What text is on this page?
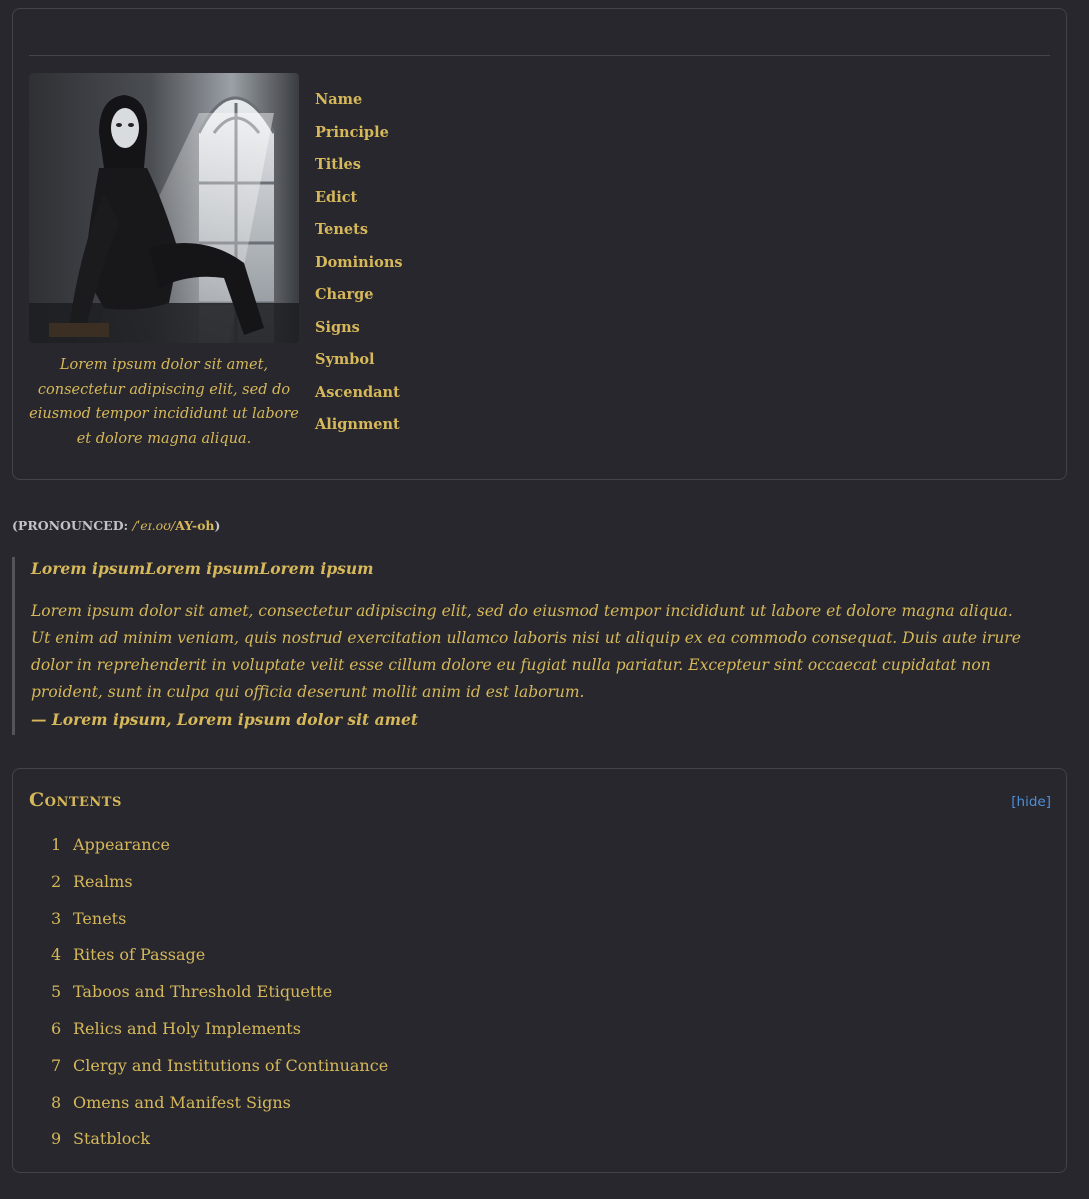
Lorem ipsum dolor sit amet, consectetur adipiscing elit, sed do eiusmod tempor incididunt ut labore et dolore magna aliqua.

Name
Principle
Titles
Edict
Tenets
Dominions
Charge
Signs
Symbol
Ascendant
Alignment
(PRONOUNCED: /ˈeɪ.oʊ/AY-oh)

Lorem ipsumLorem ipsumLorem ipsum

Lorem ipsum dolor sit amet, consectetur adipiscing elit, sed do eiusmod tempor incididunt ut labore et dolore magna aliqua. Ut enim ad minim veniam, quis nostrud exercitation ullamco laboris nisi ut aliquip ex ea commodo consequat. Duis aute irure dolor in reprehenderit in voluptate velit esse cillum dolore eu fugiat nulla pariatur. Excepteur sint occaecat cupidatat non proident, sunt in culpa qui officia deserunt mollit anim id est laborum.

— Lorem ipsum, Lorem ipsum dolor sit amet

Contents	[hide]
1 Appearance
2 Realms
3 Tenets
4 Rites of Passage
5 Taboos and Threshold Etiquette
6 Relics and Holy Implements
7 Clergy and Institutions of Continuance
8 Omens and Manifest Signs
9 Statblock
